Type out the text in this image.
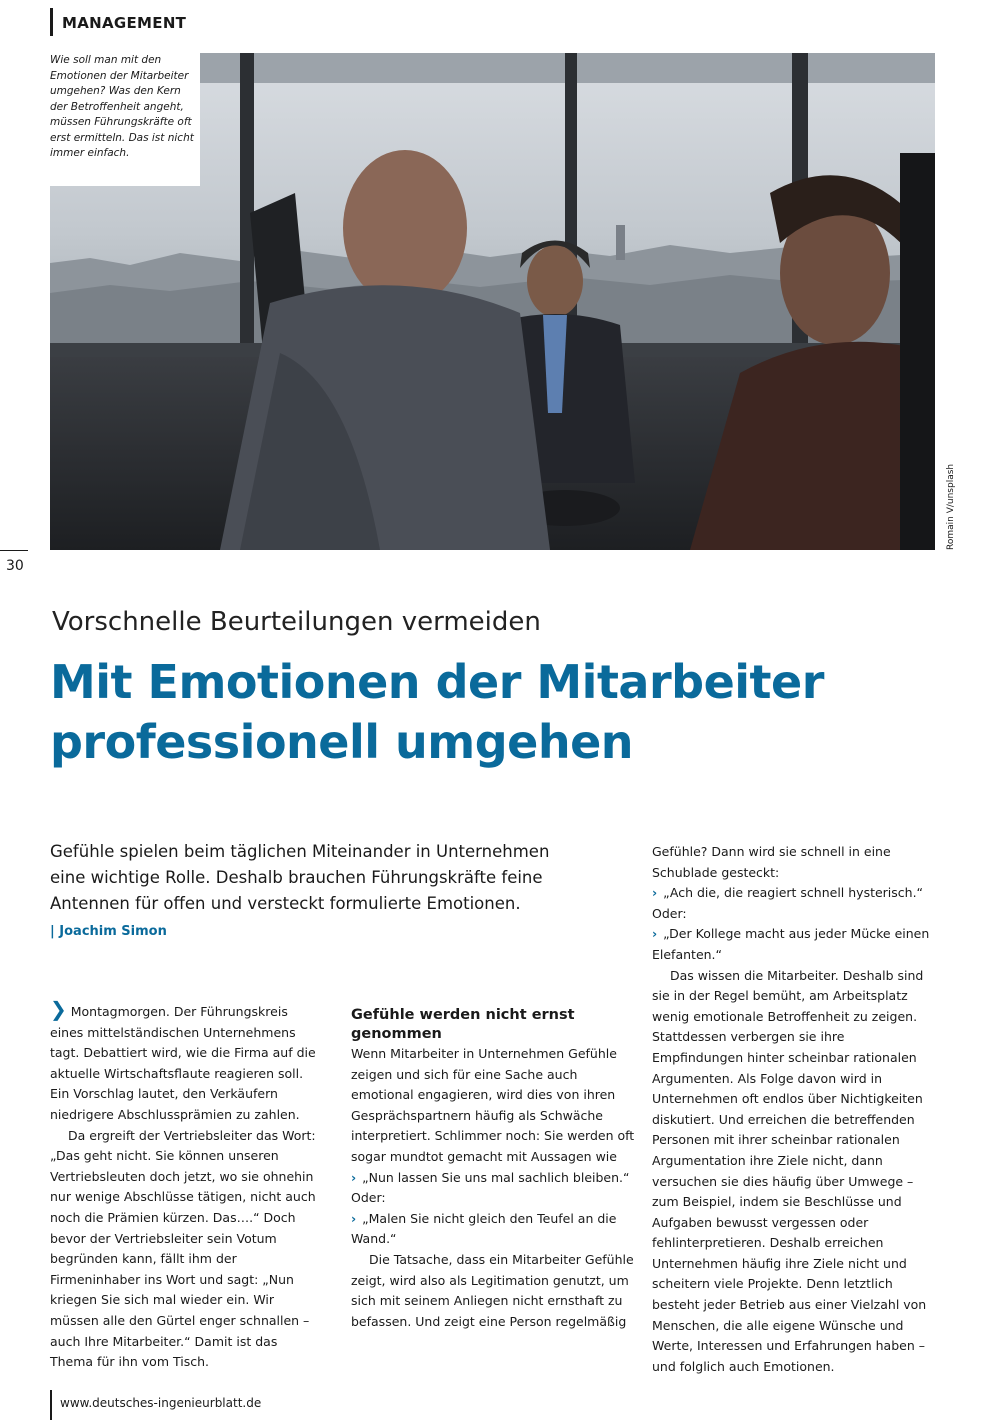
MANAGEMENT
Wie soll man mit den Emotionen der Mitarbeiter umgehen? Was den Kern der Betroffenheit angeht, müssen Führungskräfte oft erst ermitteln. Das ist nicht immer einfach.
Romain V/unsplash
30
Vorschnelle Beurteilungen vermeiden
Mit Emotionen der Mitarbeiter professionell umgehen
Gefühle spielen beim täglichen Miteinander in Unternehmen eine wichtige Rolle. Deshalb brauchen Führungskräfte feine Antennen für offen und versteckt formulierte Emotionen.
| Joachim Simon

❯ Montagmorgen. Der Führungskreis eines mittelständischen Unternehmens tagt. Debattiert wird, wie die Firma auf die aktuelle Wirtschaftsflaute reagieren soll. Ein Vorschlag lautet, den Verkäufern niedrigere Abschlussprämien zu zahlen.

Da ergreift der Vertriebsleiter das Wort: „Das geht nicht. Sie können unseren Vertriebsleuten doch jetzt, wo sie ohnehin nur wenige Abschlüsse tätigen, nicht auch noch die Prämien kürzen. Das….“ Doch bevor der Vertriebsleiter sein Votum begründen kann, fällt ihm der Firmeninhaber ins Wort und sagt: „Nun kriegen Sie sich mal wieder ein. Wir müssen alle den Gürtel enger schnallen – auch Ihre Mitarbeiter.“ Damit ist das Thema für ihn vom Tisch.

Gefühle werden nicht ernst genommen

Wenn Mitarbeiter in Unternehmen Gefühle zeigen und sich für eine Sache auch emotional engagieren, wird dies von ihren Gesprächspartnern häufig als Schwäche interpretiert. Schlimmer noch: Sie werden oft sogar mundtot gemacht mit Aussagen wie

› „Nun lassen Sie uns mal sachlich bleiben.“

Oder:

› „Malen Sie nicht gleich den Teufel an die Wand.“

Die Tatsache, dass ein Mitarbeiter Gefühle zeigt, wird also als Legitimation genutzt, um sich mit seinem Anliegen nicht ernsthaft zu befassen. Und zeigt eine Person regelmäßig

Gefühle? Dann wird sie schnell in eine Schublade gesteckt:

› „Ach die, die reagiert schnell hysterisch.“

Oder:

› „Der Kollege macht aus jeder Mücke einen Elefanten.“

Das wissen die Mitarbeiter. Deshalb sind sie in der Regel bemüht, am Arbeitsplatz wenig emotionale Betroffenheit zu zeigen. Stattdessen verbergen sie ihre Empfindungen hinter scheinbar rationalen Argumenten. Als Folge davon wird in Unternehmen oft endlos über Nichtigkeiten diskutiert. Und erreichen die betreffenden Personen mit ihrer scheinbar rationalen Argumentation ihre Ziele nicht, dann versuchen sie dies häufig über Umwege – zum Beispiel, indem sie Beschlüsse und Aufgaben bewusst vergessen oder fehlinterpretieren. Deshalb erreichen Unternehmen häufig ihre Ziele nicht und scheitern viele Projekte. Denn letztlich besteht jeder Betrieb aus einer Vielzahl von Menschen, die alle eigene Wünsche und Werte, Interessen und Erfahrungen haben – und folglich auch Emotionen.

www.deutsches-ingenieurblatt.de
